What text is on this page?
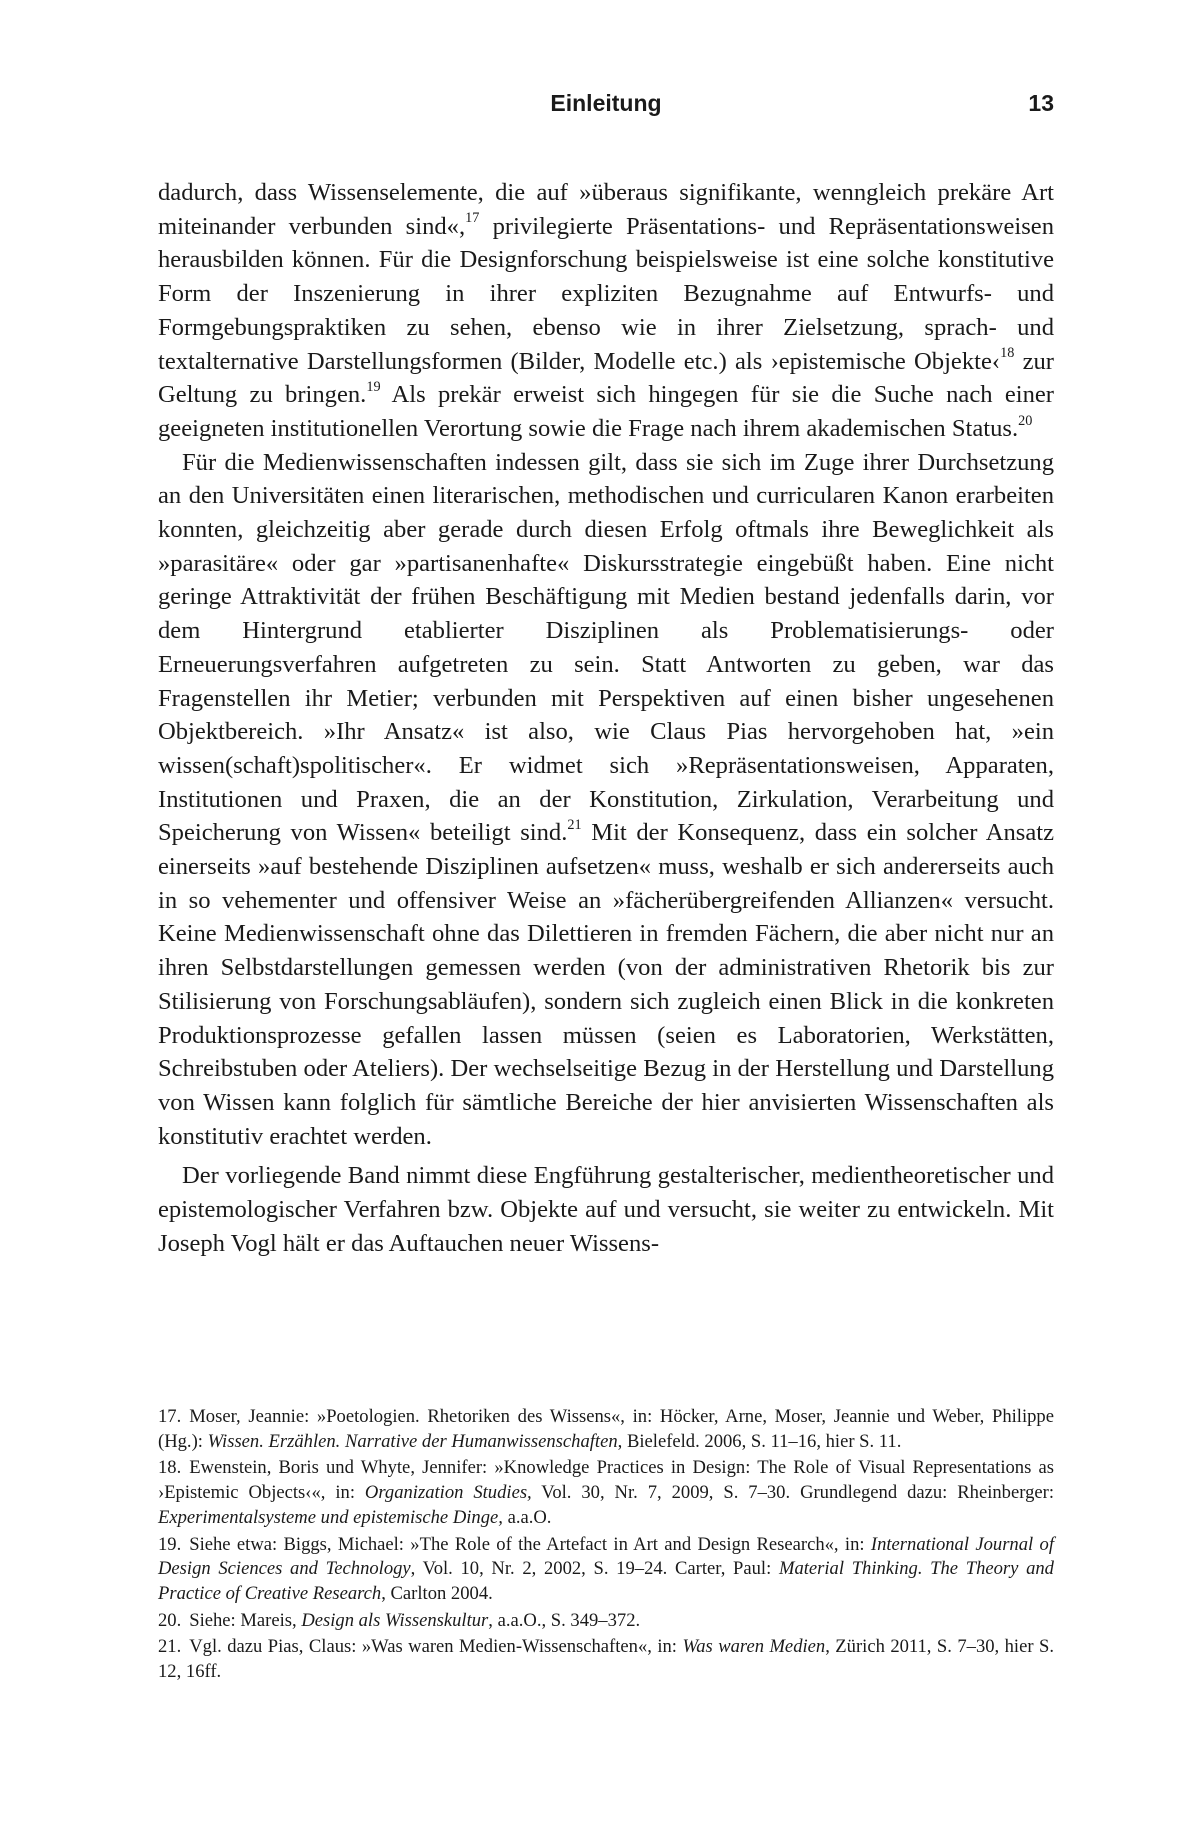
Einleitung	13

dadurch, dass Wissenselemente, die auf »überaus signifikante, wenngleich prekäre Art miteinander verbunden sind«,$^{17}$ privilegierte Präsentations- und Repräsentationsweisen herausbilden können. Für die Designforschung beispielsweise ist eine solche konstitutive Form der Inszenierung in ihrer expliziten Bezugnahme auf Entwurfs- und Formgebungspraktiken zu sehen, ebenso wie in ihrer Zielsetzung, sprach- und textalternative Darstellungsformen (Bilder, Modelle etc.) als ›epistemische Objekte‹$^{18}$ zur Geltung zu bringen.$^{19}$ Als prekär erweist sich hingegen für sie die Suche nach einer geeigneten institutionellen Verortung sowie die Frage nach ihrem akademischen Status.$^{20}$

Für die Medienwissenschaften indessen gilt, dass sie sich im Zuge ihrer Durchsetzung an den Universitäten einen literarischen, methodischen und curricularen Kanon erarbeiten konnten, gleichzeitig aber gerade durch diesen Erfolg oftmals ihre Beweglichkeit als »parasitäre« oder gar »partisanenhafte« Diskursstrategie eingebüßt haben. Eine nicht geringe Attraktivität der frühen Beschäftigung mit Medien bestand jedenfalls darin, vor dem Hintergrund etablierter Disziplinen als Problematisierungs- oder Erneuerungsverfahren aufgetreten zu sein. Statt Antworten zu geben, war das Fragenstellen ihr Metier; verbunden mit Perspektiven auf einen bisher ungesehenen Objektbereich. »Ihr Ansatz« ist also, wie Claus Pias hervorgehoben hat, »ein wissen(schaft)spolitischer«. Er widmet sich »Repräsentationsweisen, Apparaten, Institutionen und Praxen, die an der Konstitution, Zirkulation, Verarbeitung und Speicherung von Wissen« beteiligt sind.$^{21}$ Mit der Konsequenz, dass ein solcher Ansatz einerseits »auf bestehende Disziplinen aufsetzen« muss, weshalb er sich andererseits auch in so vehementer und offensiver Weise an »fächerübergreifenden Allianzen« versucht. Keine Medienwissenschaft ohne das Dilettieren in fremden Fächern, die aber nicht nur an ihren Selbstdarstellungen gemessen werden (von der administrativen Rhetorik bis zur Stilisierung von Forschungsabläufen), sondern sich zugleich einen Blick in die konkreten Produktionsprozesse gefallen lassen müssen (seien es Laboratorien, Werkstätten, Schreibstuben oder Ateliers). Der wechselseitige Bezug in der Herstellung und Darstellung von Wissen kann folglich für sämtliche Bereiche der hier anvisierten Wissenschaften als konstitutiv erachtet werden.

Der vorliegende Band nimmt diese Engführung gestalterischer, medientheoretischer und epistemologischer Verfahren bzw. Objekte auf und versucht, sie weiter zu entwickeln. Mit Joseph Vogl hält er das Auftauchen neuer Wissens-

17. Moser, Jeannie: »Poetologien. Rhetoriken des Wissens«, in: Höcker, Arne, Moser, Jeannie und Weber, Philippe (Hg.): Wissen. Erzählen. Narrative der Humanwissenschaften, Bielefeld. 2006, S. 11–16, hier S. 11.

18. Ewenstein, Boris und Whyte, Jennifer: »Knowledge Practices in Design: The Role of Visual Representations as ›Epistemic Objects‹«, in: Organization Studies, Vol. 30, Nr. 7, 2009, S. 7–30. Grundlegend dazu: Rheinberger: Experimentalsysteme und epistemische Dinge, a.a.O.

19. Siehe etwa: Biggs, Michael: »The Role of the Artefact in Art and Design Research«, in: International Journal of Design Sciences and Technology, Vol. 10, Nr. 2, 2002, S. 19–24. Carter, Paul: Material Thinking. The Theory and Practice of Creative Research, Carlton 2004.

20. Siehe: Mareis, Design als Wissenskultur, a.a.O., S. 349–372.

21. Vgl. dazu Pias, Claus: »Was waren Medien-Wissenschaften«, in: Was waren Medien, Zürich 2011, S. 7–30, hier S. 12, 16ff.
